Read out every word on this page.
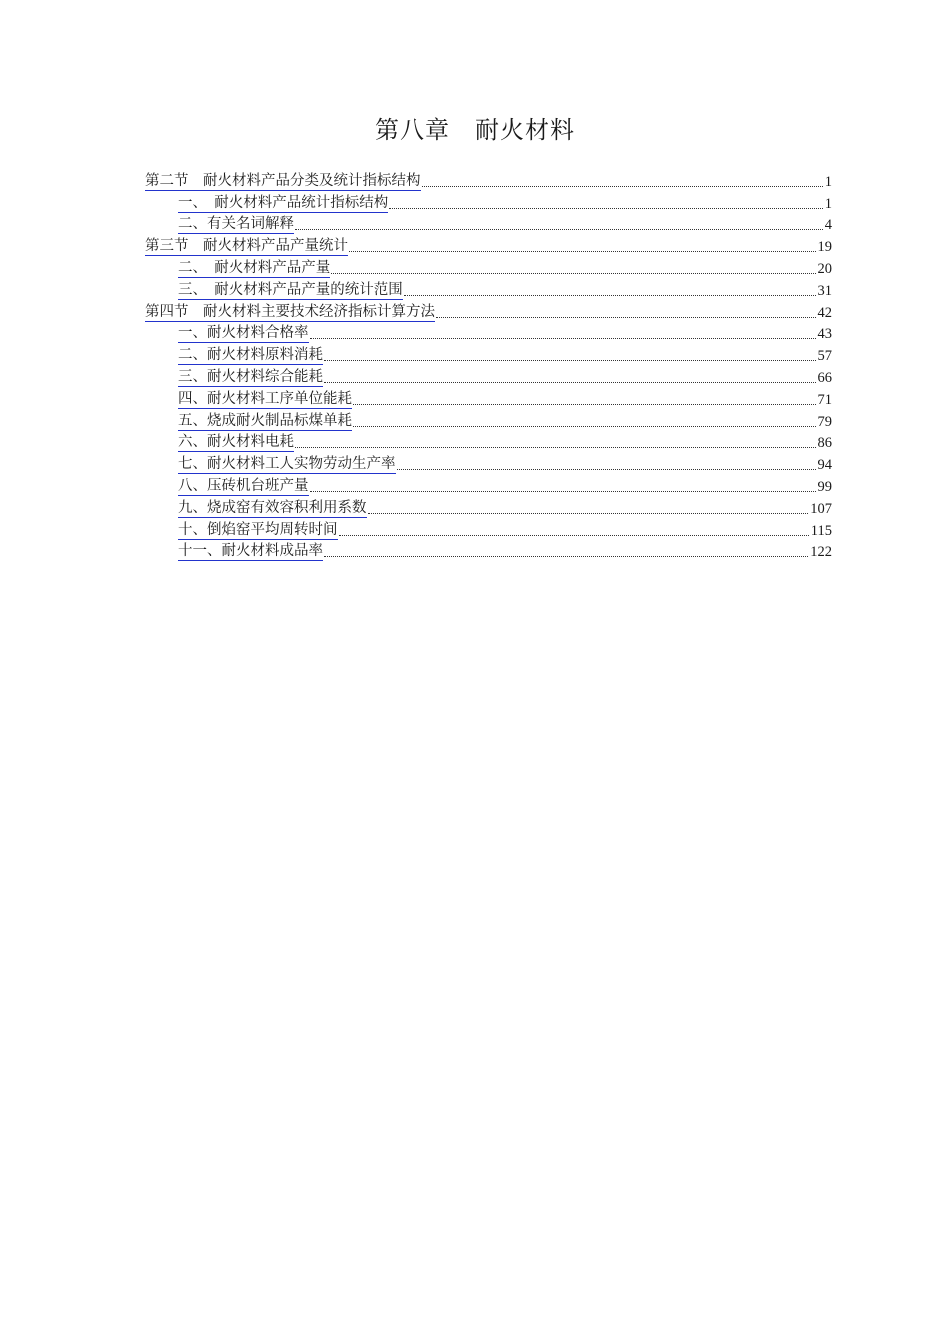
第八章　耐火材料
第二节　耐火材料产品分类及统计指标结构	1
一、　耐火材料产品统计指标结构	1
二、有关名词解释	4
第三节　耐火材料产品产量统计	19
二、　耐火材料产品产量	20
三、　耐火材料产品产量的统计范围	31
第四节　耐火材料主要技术经济指标计算方法	42
一、耐火材料合格率	43
二、耐火材料原料消耗	57
三、耐火材料综合能耗	66
四、耐火材料工序单位能耗	71
五、烧成耐火制品标煤单耗	79
六、耐火材料电耗	86
七、耐火材料工人实物劳动生产率	94
八、压砖机台班产量	99
九、烧成窑有效容积利用系数	107
十、倒焰窑平均周转时间	115
十一、耐火材料成品率	122
